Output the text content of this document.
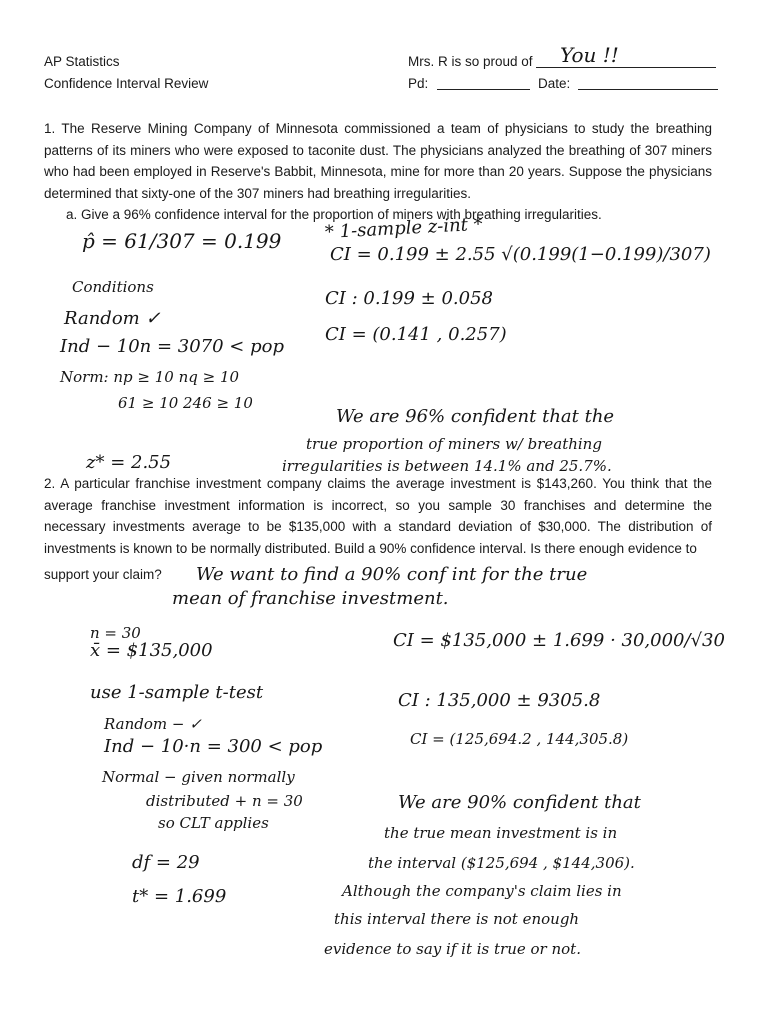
AP Statistics
Confidence Interval Review
Mrs. R is so proud of You !!
Pd:	Date:
1. The Reserve Mining Company of Minnesota commissioned a team of physicians to study the breathing patterns of its miners who were exposed to taconite dust. The physicians analyzed the breathing of 307 miners who had been employed in Reserve's Babbit, Minnesota, mine for more than 20 years. Suppose the physicians determined that sixty-one of the 307 miners had breathing irregularities.
a. Give a 96% confidence interval for the proportion of miners with breathing irregularities.
p̂ = 61/307 = 0.199 * 1-sample z-int *
CI = 0.199 ± 2.55 √(0.199(1−0.199)/307)
Conditions
Random ✓
Ind − 10n = 3070 < pop
Norm: np ≥ 10 nq ≥ 10
61 ≥ 10 246 ≥ 10
CI : 0.199 ± 0.058
CI = (0.141 , 0.257)
z* = 2.55
We are 96% confident that the
true proportion of miners w/ breathing
irregularities is between 14.1% and 25.7%.
2. A particular franchise investment company claims the average investment is $143,260. You think that the average franchise investment information is incorrect, so you sample 30 franchises and determine the necessary investments average to be $135,000 with a standard deviation of $30,000. The distribution of investments is known to be normally distributed. Build a 90% confidence interval. Is there enough evidence to
support your claim? We want to find a 90% conf int for the true
mean of franchise investment.
n = 30
x̄ = $135,000
use 1-sample t-test
Random − ✓
Ind − 10·n = 300 < pop
Normal − given normally
distributed + n = 30
so CLT applies
df = 29
t* = 1.699
CI = $135,000 ± 1.699 · 30,000/√30
CI : 135,000 ± 9305.8
CI = (125,694.2 , 144,305.8)
We are 90% confident that
the true mean investment is in
the interval ($125,694 , $144,306).
Although the company's claim lies in
this interval there is not enough
evidence to say if it is true or not.
